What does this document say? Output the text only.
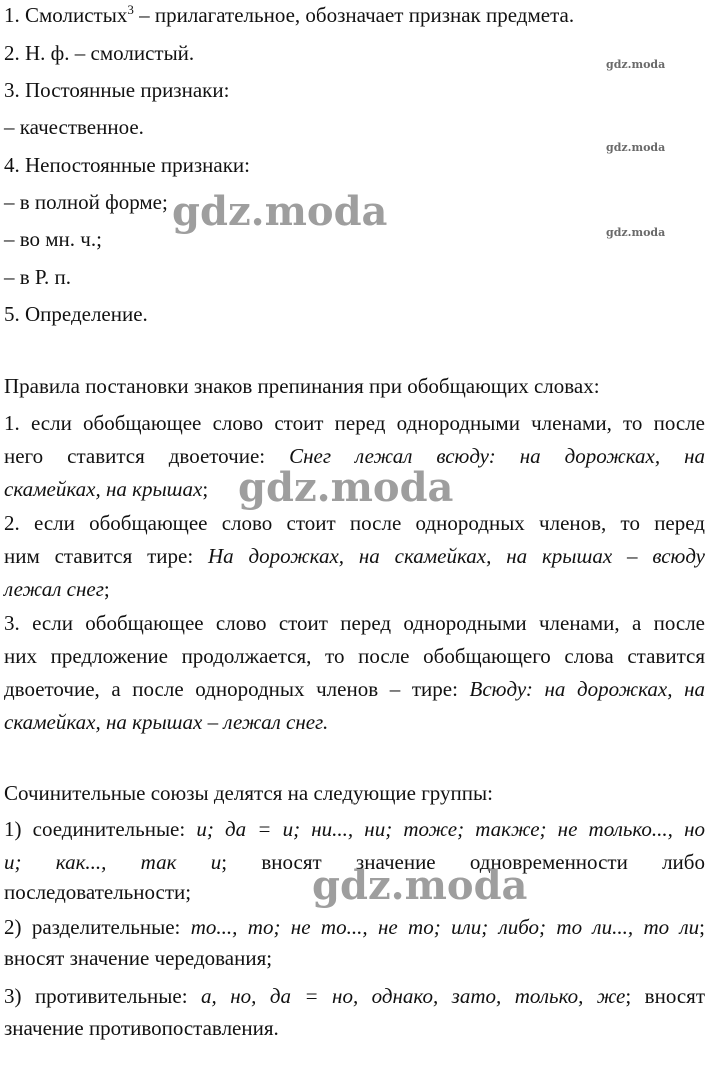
1. Смолистых$^3$ – прилагательное, обозначает признак предмета.
2. Н. ф. – смолистый.
3. Постоянные признаки:
– качественное.
4. Непостоянные признаки:
– в полной форме;
– во мн. ч.;
– в Р. п.
5. Определение.
Правила постановки знаков препинания при обобщающих словах:
1. если обобщающее слово стоит перед однородными членами, то после
него ставится двоеточие: Снег лежал всюду: на дорожках, на
скамейках, на крышах;
2. если обобщающее слово стоит после однородных членов, то перед
ним ставится тире: На дорожках, на скамейках, на крышах – всюду
лежал снег;
3. если обобщающее слово стоит перед однородными членами, а после
них предложение продолжается, то после обобщающего слова ставится
двоеточие, а после однородных членов – тире: Всюду: на дорожках, на
скамейках, на крышах – лежал снег.
Сочинительные союзы делятся на следующие группы:
1) соединительные: и; да = и; ни..., ни; тоже; также; не только..., но
и; как..., так и; вносят значение одновременности либо
последовательности;
2) разделительные: то..., то; не то..., не то; или; либо; то ли..., то ли;
вносят значение чередования;
3) противительные: а, но, да = но, однако, зато, только, же; вносят
значение противопоставления.
gdz.moda
gdz.moda
gdz.moda
gdz.moda
gdz.moda
gdz.moda
